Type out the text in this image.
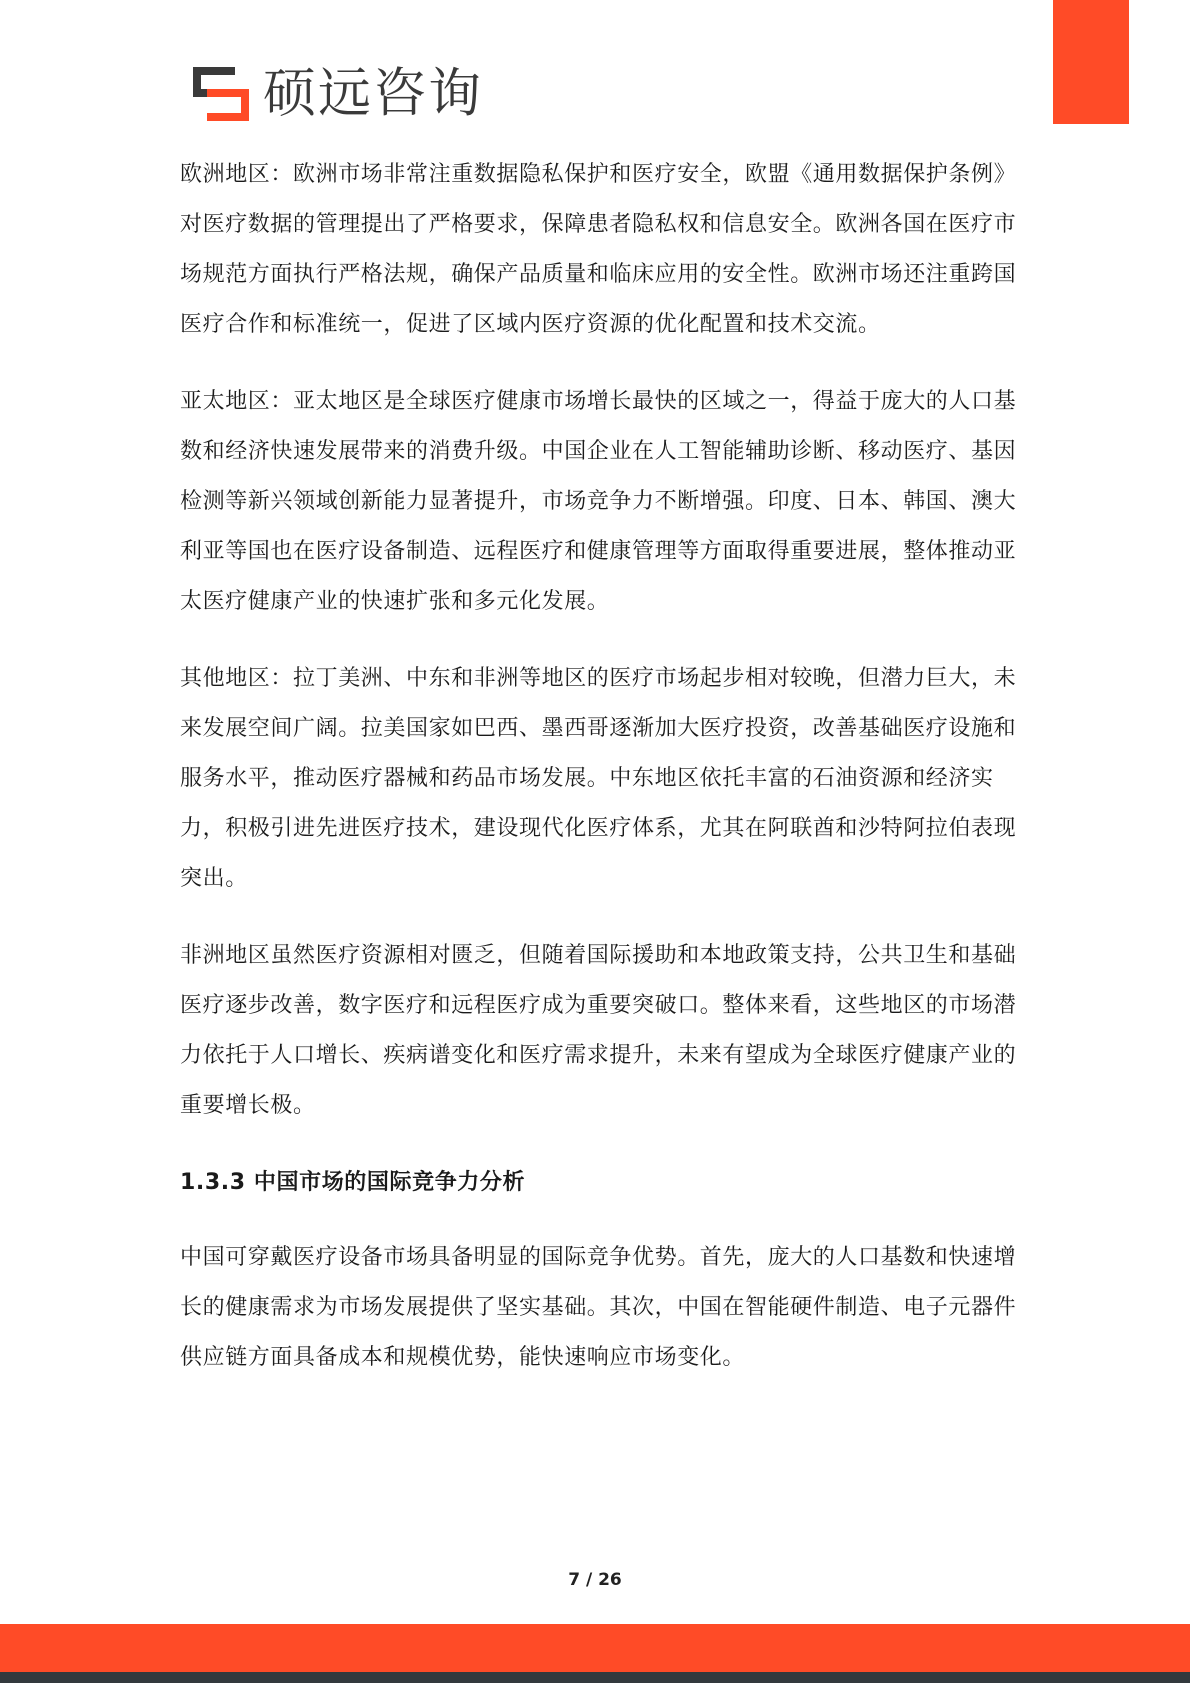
硕远咨询

欧洲地区：欧洲市场非常注重数据隐私保护和医疗安全，欧盟《通用数据保护条例》对医疗数据的管理提出了严格要求，保障患者隐私权和信息安全。欧洲各国在医疗市场规范方面执行严格法规，确保产品质量和临床应用的安全性。欧洲市场还注重跨国医疗合作和标准统一，促进了区域内医疗资源的优化配置和技术交流。

亚太地区：亚太地区是全球医疗健康市场增长最快的区域之一，得益于庞大的人口基数和经济快速发展带来的消费升级。中国企业在人工智能辅助诊断、移动医疗、基因检测等新兴领域创新能力显著提升，市场竞争力不断增强。印度、日本、韩国、澳大利亚等国也在医疗设备制造、远程医疗和健康管理等方面取得重要进展，整体推动亚太医疗健康产业的快速扩张和多元化发展。

其他地区：拉丁美洲、中东和非洲等地区的医疗市场起步相对较晚，但潜力巨大，未来发展空间广阔。拉美国家如巴西、墨西哥逐渐加大医疗投资，改善基础医疗设施和服务水平，推动医疗器械和药品市场发展。中东地区依托丰富的石油资源和经济实力，积极引进先进医疗技术，建设现代化医疗体系，尤其在阿联酋和沙特阿拉伯表现突出。

非洲地区虽然医疗资源相对匮乏，但随着国际援助和本地政策支持，公共卫生和基础医疗逐步改善，数字医疗和远程医疗成为重要突破口。整体来看，这些地区的市场潜力依托于人口增长、疾病谱变化和医疗需求提升，未来有望成为全球医疗健康产业的重要增长极。

1.3.3 中国市场的国际竞争力分析

中国可穿戴医疗设备市场具备明显的国际竞争优势。首先，庞大的人口基数和快速增长的健康需求为市场发展提供了坚实基础。其次，中国在智能硬件制造、电子元器件供应链方面具备成本和规模优势，能快速响应市场变化。

7 / 26
